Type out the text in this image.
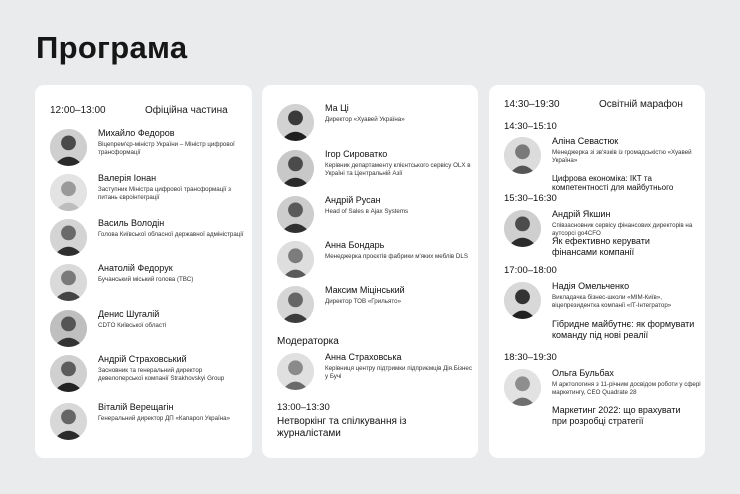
Програма
12:00–13:00	Офіційна частина
Михайло Федоров
Віцепрем'єр-міністр України – Міністр цифрової трансформації
Валерія Іонан
Заступник Міністра цифрової трансформації з питань євроінтеграції
Василь Володін
Голова Київської обласної державної адміністрації
Анатолій Федорук
Бучанський міський голова (ТВС)
Денис Шугалій
CDTO Київської області
Андрій Страховський
Засновник та генеральний директор девелоперської компанії Strakhovskyi Group
Віталій Верещагін
Генеральний директор ДП «Капарол Україна»
Ма Ці
Директор «Хуавей Україна»
Ігор Сироватко
Керівник департаменту клієнтського сервісу OLX в Україні та Центральній Азії
Андрій Русан
Head of Sales в Ajax Systems
Анна Бондарь
Менеджерка проєктів фабрики м'яких меблів DLS
Максим Міцінський
Директор ТОВ «Грильято»
Модераторка
Анна Страховська
Керівниця центру підтримки підприємців Дія.Бізнес у Бучі
13:00–13:30
Нетворкінг та спілкування із журналістами
14:30–19:30	Освітній марафон
14:30–15:10
Аліна Севастюк
Менеджерка зі зв'язків із громадськістю «Хуавей Україна»
Цифрова економіка: ІКТ та компетентності для майбутнього
15:30–16:30
Андрій Якшин
Співзасновник сервісу фінансових директорів на аутсорсі go4CFO
Як ефективно керувати фінансами компанії
17:00–18:00
Надія Омельченко
Викладачка бізнес-школи «МІМ-Київ», віцепрезидентка компанії «ІТ-Інтегратор»
Гібридне майбутнє: як формувати команду під нові реалії
18:30–19:30
Ольга Бульбах
М арктологиня з 11-річним досвідом роботи у сфері маркетингу, CEO Quadrate 28
Маркетинг 2022: що врахувати при розробці стратегії
